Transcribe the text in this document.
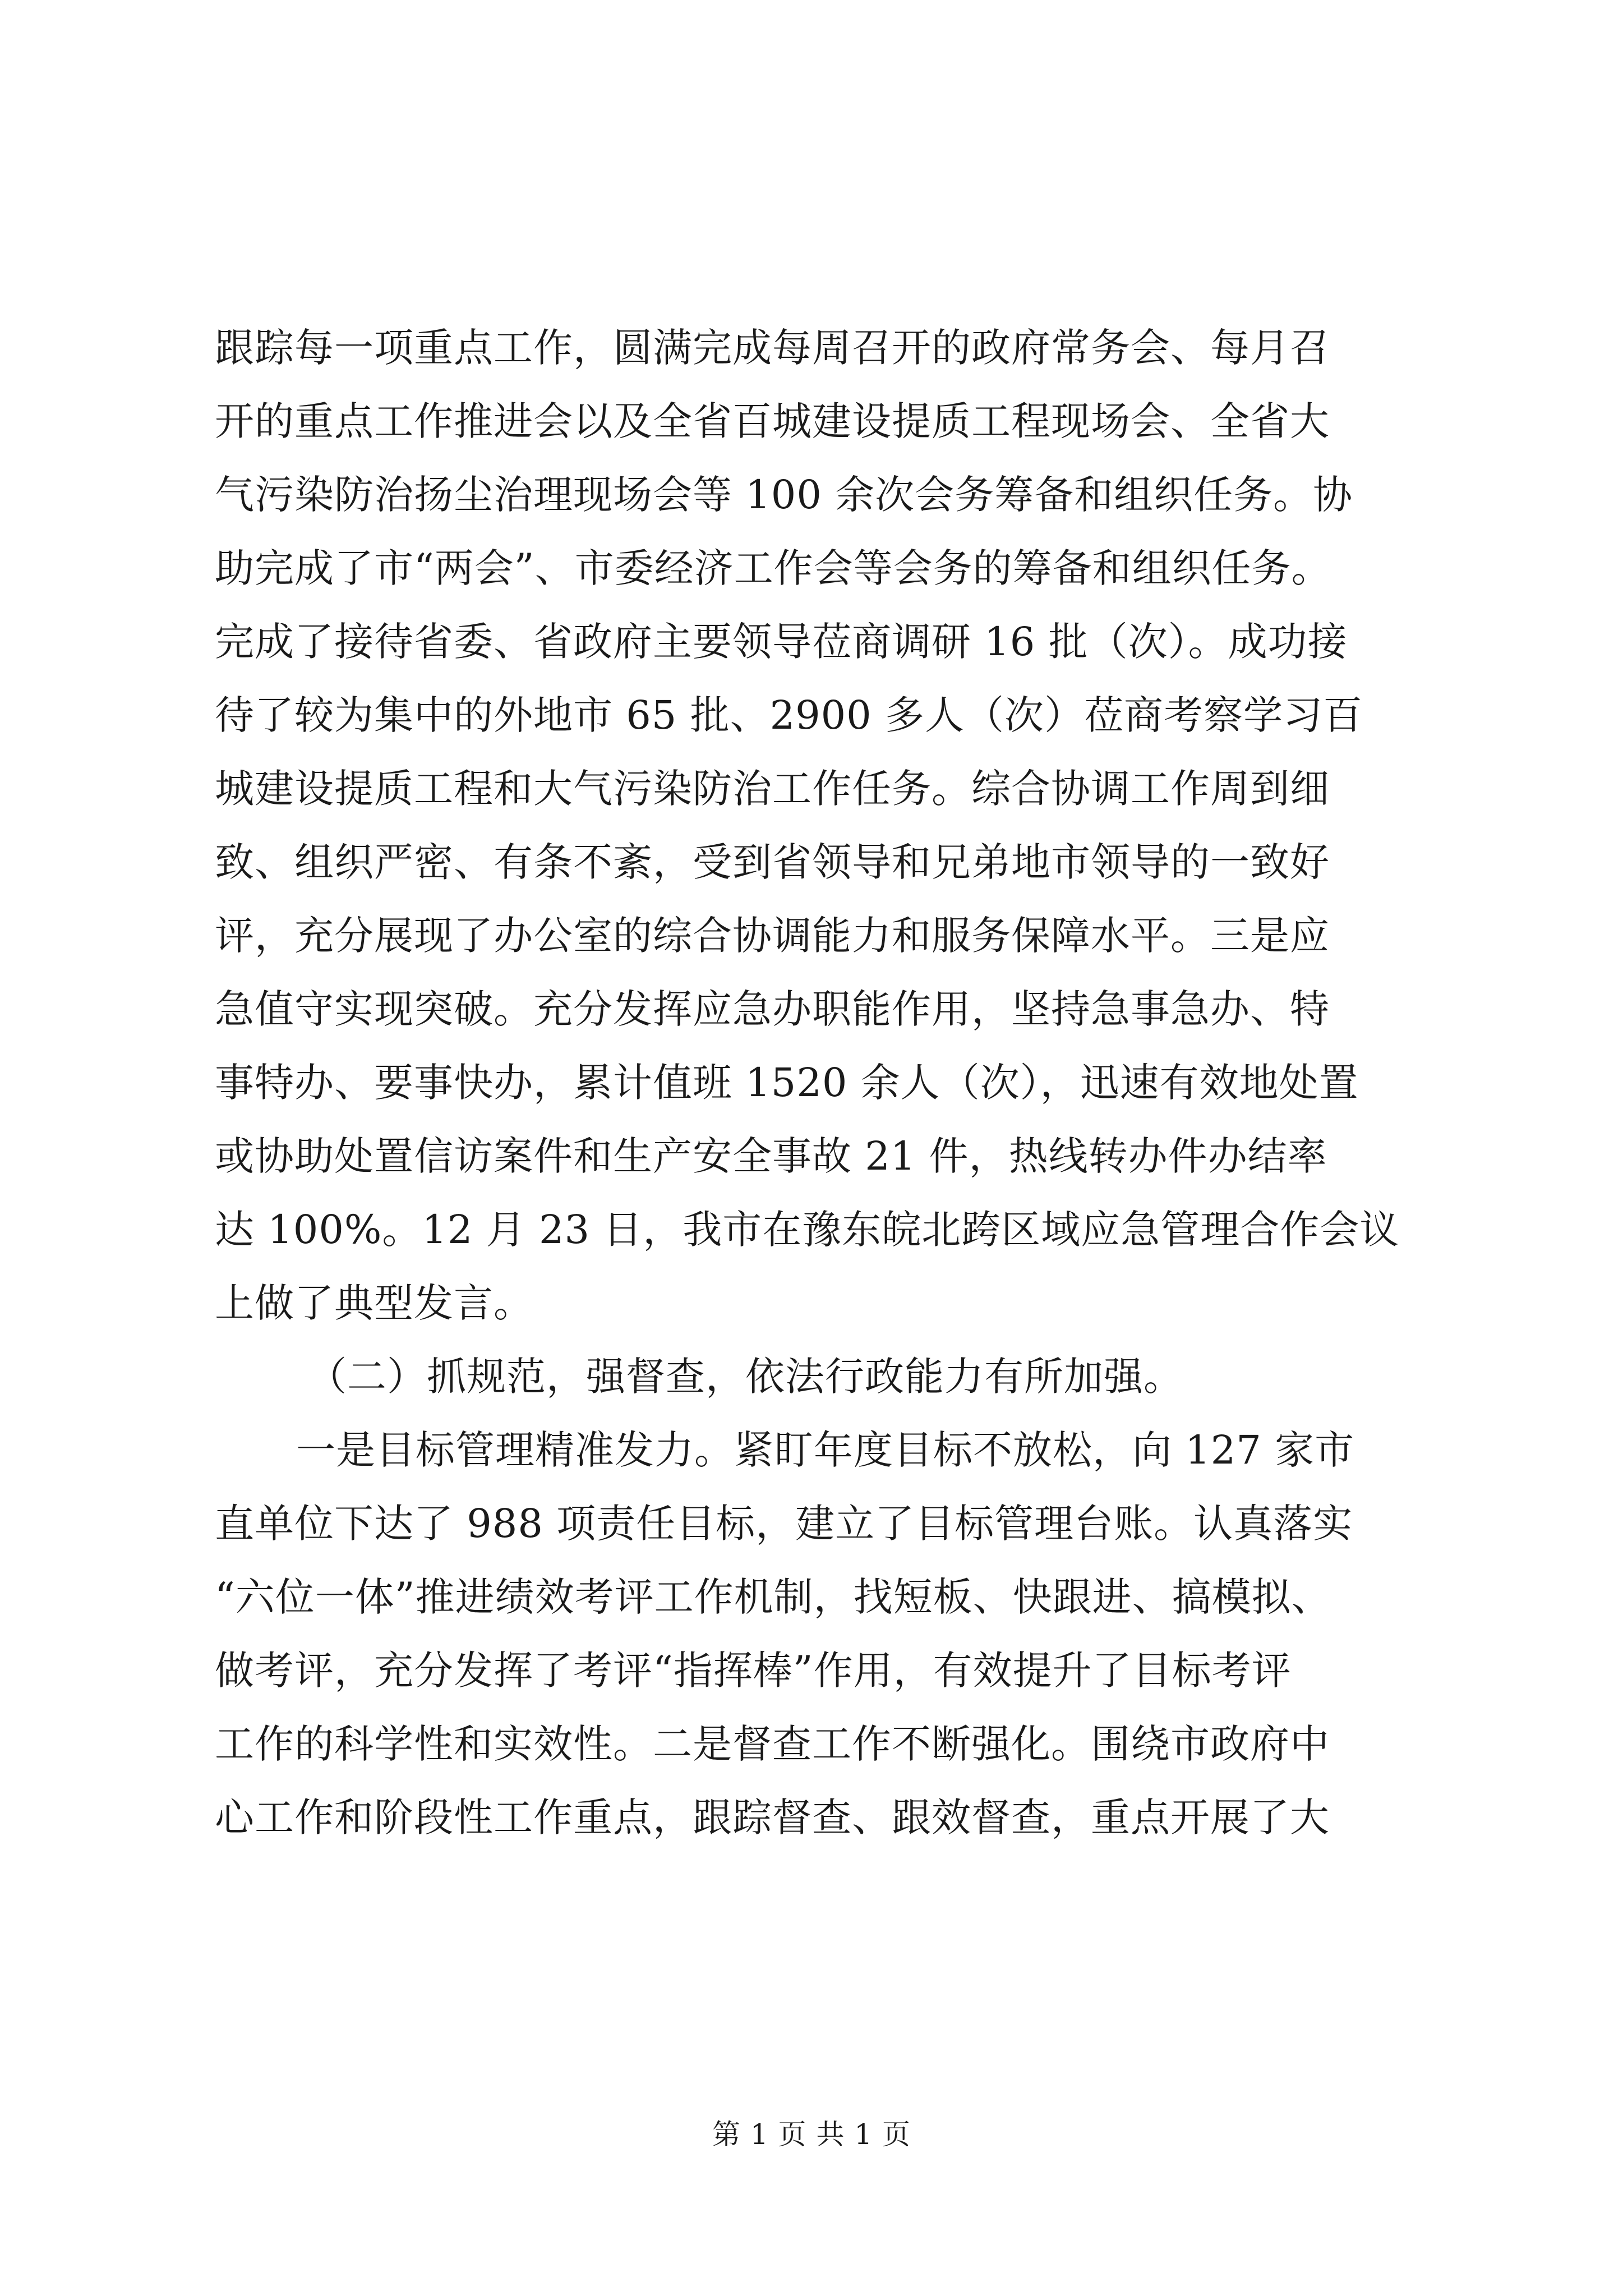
跟踪每一项重点工作，圆满完成每周召开的政府常务会、每月召
开的重点工作推进会以及全省百城建设提质工程现场会、全省大
气污染防治扬尘治理现场会等 100 余次会务筹备和组织任务。协
助完成了市“两会”、市委经济工作会等会务的筹备和组织任务。
完成了接待省委、省政府主要领导莅商调研 16 批（次）。成功接
待了较为集中的外地市 65 批、2900 多人（次）莅商考察学习百
城建设提质工程和大气污染防治工作任务。综合协调工作周到细
致、组织严密、有条不紊，受到省领导和兄弟地市领导的一致好
评，充分展现了办公室的综合协调能力和服务保障水平。三是应
急值守实现突破。充分发挥应急办职能作用，坚持急事急办、特
事特办、要事快办，累计值班 1520 余人（次），迅速有效地处置
或协助处置信访案件和生产安全事故 21 件，热线转办件办结率
达 100%。12 月 23 日，我市在豫东皖北跨区域应急管理合作会议
上做了典型发言。
（二）抓规范，强督查，依法行政能力有所加强。
一是目标管理精准发力。紧盯年度目标不放松，向 127 家市
直单位下达了 988 项责任目标，建立了目标管理台账。认真落实
“六位一体”推进绩效考评工作机制，找短板、快跟进、搞模拟、
做考评，充分发挥了考评“指挥棒”作用，有效提升了目标考评
工作的科学性和实效性。二是督查工作不断强化。围绕市政府中
心工作和阶段性工作重点，跟踪督查、跟效督查，重点开展了大
第 1 页 共 1 页
